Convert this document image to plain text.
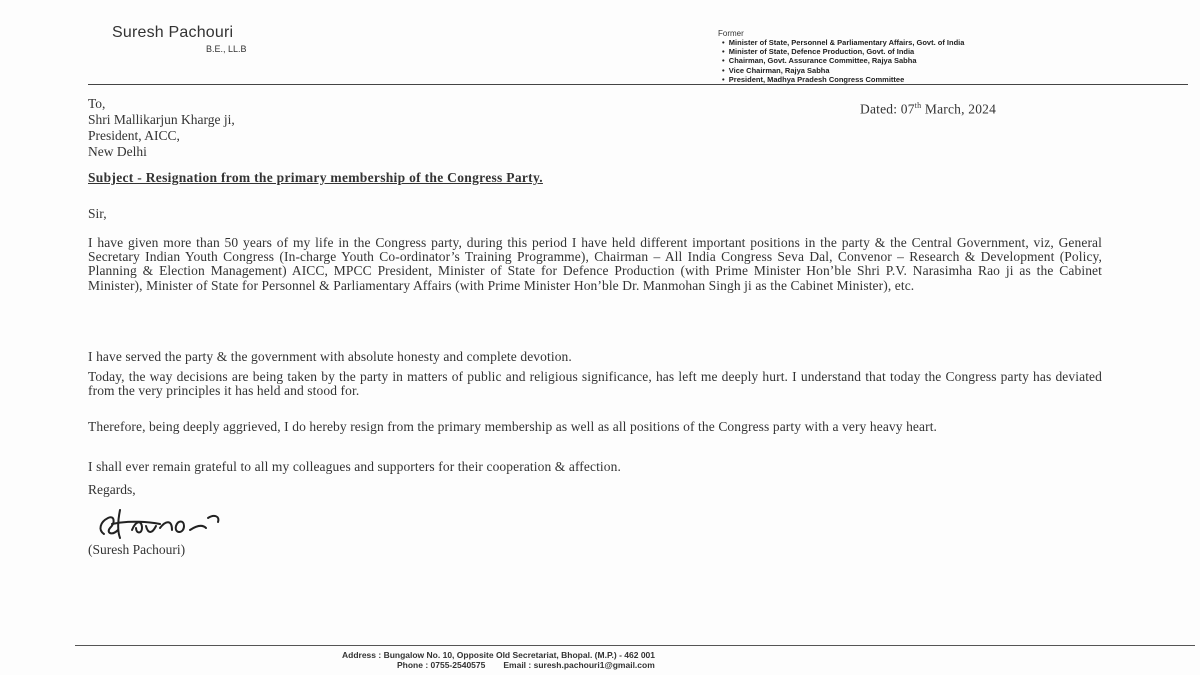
Suresh Pachouri
B.E., LL.B
Former
•  Minister of State, Personnel & Parliamentary Affairs, Govt. of India
•  Minister of State, Defence Production, Govt. of India
•  Chairman, Govt. Assurance Committee, Rajya Sabha
•  Vice Chairman, Rajya Sabha
•  President, Madhya Pradesh Congress Committee
To,
Shri Mallikarjun Kharge ji,
President, AICC,
New Delhi
Dated: 07th March, 2024
Subject - Resignation from the primary membership of the Congress Party.
Sir,
I have given more than 50 years of my life in the Congress party, during this period I have held different important positions in the party & the Central Government, viz, General Secretary Indian Youth Congress (In-charge Youth Co-ordinator’s Training Programme), Chairman – All India Congress Seva Dal, Convenor – Research & Development (Policy, Planning & Election Management) AICC, MPCC President, Minister of State for Defence Production (with Prime Minister Hon’ble Shri P.V. Narasimha Rao ji as the Cabinet Minister), Minister of State for Personnel & Parliamentary Affairs (with Prime Minister Hon’ble Dr. Manmohan Singh ji as the Cabinet Minister), etc.
I have served the party & the government with absolute honesty and complete devotion.
Today, the way decisions are being taken by the party in matters of public and religious significance, has left me deeply hurt. I understand that today the Congress party has deviated from the very principles it has held and stood for.
Therefore, being deeply aggrieved, I do hereby resign from the primary membership as well as all positions of the Congress party with a very heavy heart.
I shall ever remain grateful to all my colleagues and supporters for their cooperation & affection.
Regards,
(Suresh Pachouri)
Address : Bungalow No. 10, Opposite Old Secretariat, Bhopal. (M.P.) - 462 001
Phone : 0755-2540575 Email : suresh.pachouri1@gmail.com
